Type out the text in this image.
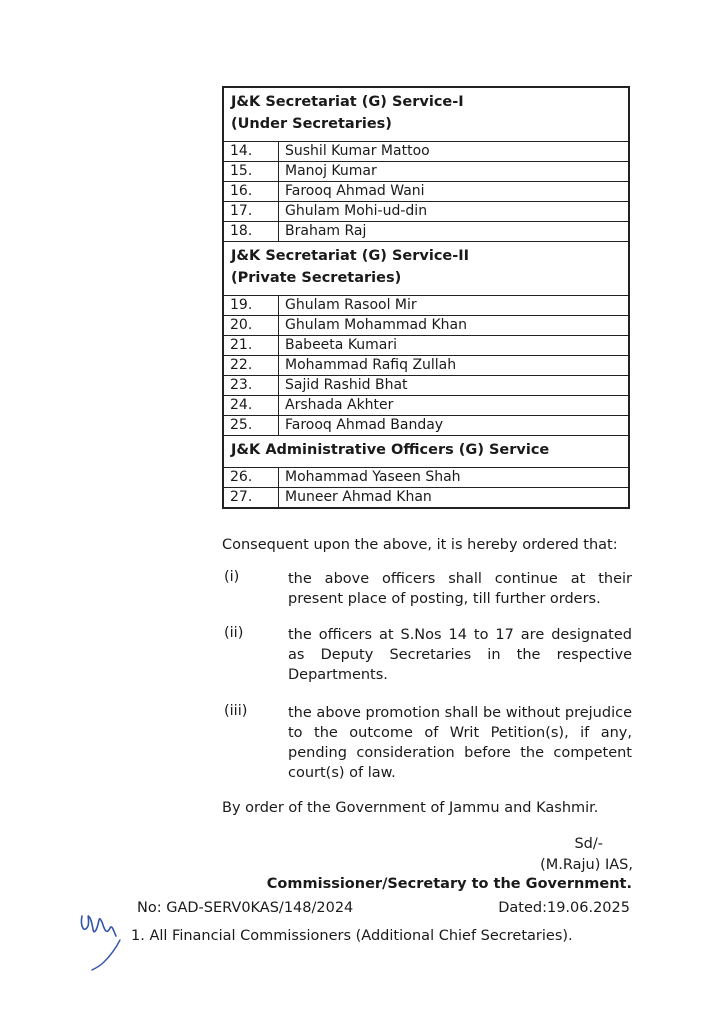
J&K Secretariat (G) Service-I
(Under Secretaries)	
14.	Sushil Kumar Mattoo
15.	Manoj Kumar
16.	Farooq Ahmad Wani
17.	Ghulam Mohi-ud-din
18.	Braham Raj
J&K Secretariat (G) Service-II
(Private Secretaries)	
19.	Ghulam Rasool Mir
20.	Ghulam Mohammad Khan
21.	Babeeta Kumari
22.	Mohammad Rafiq Zullah
23.	Sajid Rashid Bhat
24.	Arshada Akhter
25.	Farooq Ahmad Banday
J&K Administrative Officers (G) Service	
26.	Mohammad Yaseen Shah
27.	Muneer Ahmad Khan
Consequent upon the above, it is hereby ordered that:
(i)	the above officers shall continue at their present place of posting, till further orders.
(ii)	the officers at S.Nos 14 to 17 are designated as Deputy Secretaries in the respective Departments.
(iii)	the above promotion shall be without prejudice to the outcome of Writ Petition(s), if any, pending consideration before the competent court(s) of law.
By order of the Government of Jammu and Kashmir.
Sd/-
(M.Raju) IAS,
Commissioner/Secretary to the Government.
No: GAD-SERV0KAS/148/2024	Dated:19.06.2025
1. All Financial Commissioners (Additional Chief Secretaries).
